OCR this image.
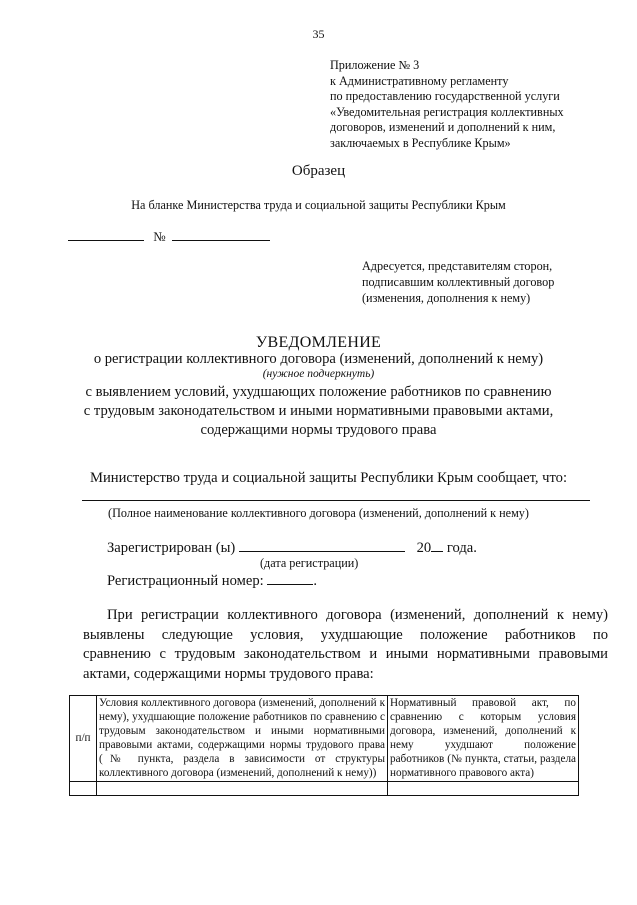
35
Приложение № 3
к Административному регламенту
по предоставлению государственной услуги
«Уведомительная регистрация коллективных
договоров, изменений и дополнений к ним,
заключаемых в Республике Крым»
Образец
На бланке Министерства труда и социальной защиты Республики Крым
№
Адресуется, представителям сторон,
подписавшим коллективный договор
(изменения, дополнения к нему)
УВЕДОМЛЕНИЕ
о регистрации коллективного договора (изменений, дополнений к нему)
(нужное подчеркнуть)
с выявлением условий, ухудшающих положение работников по сравнению
с трудовым законодательством и иными нормативными правовыми актами,
содержащими нормы трудового права
Министерство труда и социальной защиты Республики Крым сообщает, что:
(Полное наименование коллективного договора (изменений, дополнений к нему)
Зарегистрирован (ы)	20 года.
(дата регистрации)
Регистрационный номер:	.
При регистрации коллективного договора (изменений, дополнений к нему)
выявлены следующие условия, ухудшающие положение работников по
сравнению с трудовым законодательством и иными нормативными правовыми
актами, содержащими нормы трудового права:
п/п	Условия коллективного договора (изменений, дополнений к нему), ухудшающие положение работников по сравнению с трудовым законодательством и иными нормативными правовыми актами, содержащими нормы трудового права (№ пункта, раздела в зависимости от структуры коллективного договора (изменений, дополнений к нему))	Нормативный правовой акт, по сравнению с которым условия договора, изменений, дополнений к нему ухудшают положение работников (№ пункта, статьи, раздела нормативного правового акта)
